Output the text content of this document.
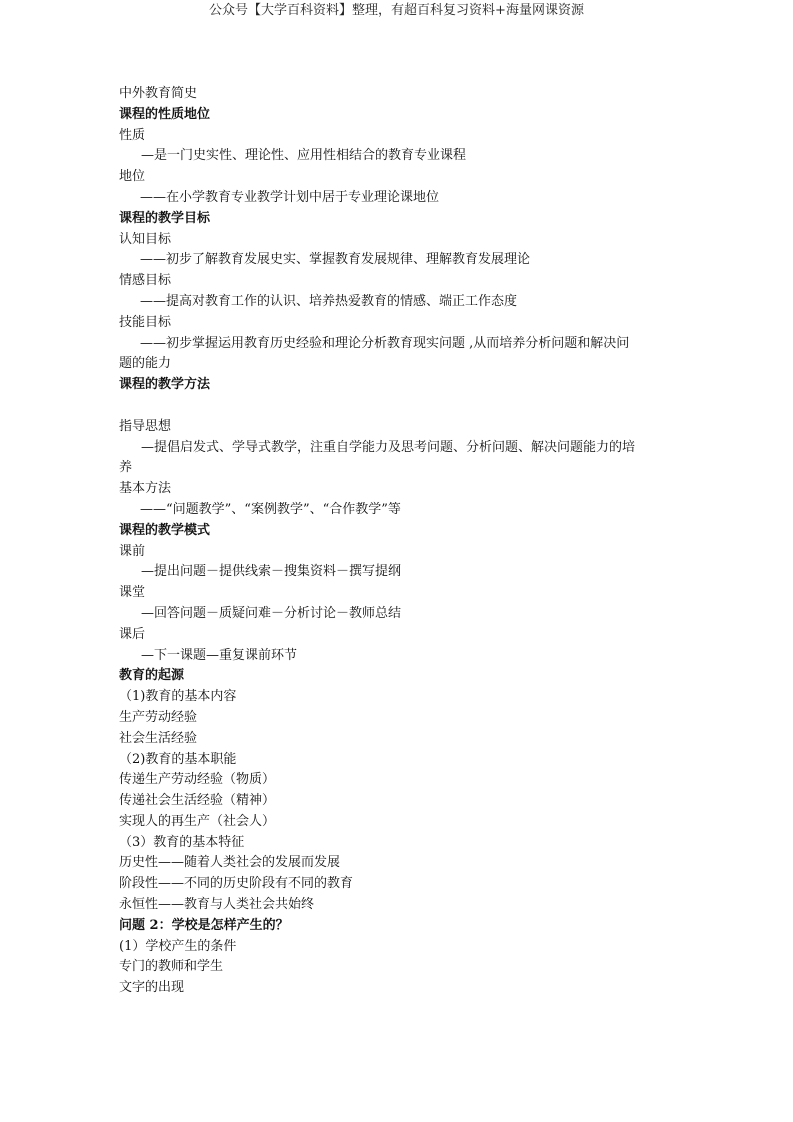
公众号【大学百科资料】整理，有超百科复习资料+海量网课资源
中外教育简史
课程的性质地位
性质
—是一门史实性、理论性、应用性相结合的教育专业课程
地位
——在小学教育专业教学计划中居于专业理论课地位
课程的教学目标
认知目标
——初步了解教育发展史实、掌握教育发展规律、理解教育发展理论
情感目标
——提高对教育工作的认识、培养热爱教育的情感、端正工作态度
技能目标
——初步掌握运用教育历史经验和理论分析教育现实问题 ,从而培养分析问题和解决问
题的能力
课程的教学方法
指导思想
—提倡启发式、学导式教学，注重自学能力及思考问题、分析问题、解决问题能力的培
养
基本方法
——“问题教学”、“案例教学”、“合作教学”等
课程的教学模式
课前
—提出问题－提供线索－搜集资料－撰写提纲
课堂
—回答问题－质疑问难－分析讨论－教师总结
课后
—下一课题—重复课前环节
教育的起源
（1)教育的基本内容
生产劳动经验
社会生活经验
（2)教育的基本职能
传递生产劳动经验（物质）
传递社会生活经验（精神）
实现人的再生产（社会人）
（3）教育的基本特征
历史性——随着人类社会的发展而发展
阶段性——不同的历史阶段有不同的教育
永恒性——教育与人类社会共始终
问题 2：学校是怎样产生的？
(1）学校产生的条件
专门的教师和学生
文字的出现
